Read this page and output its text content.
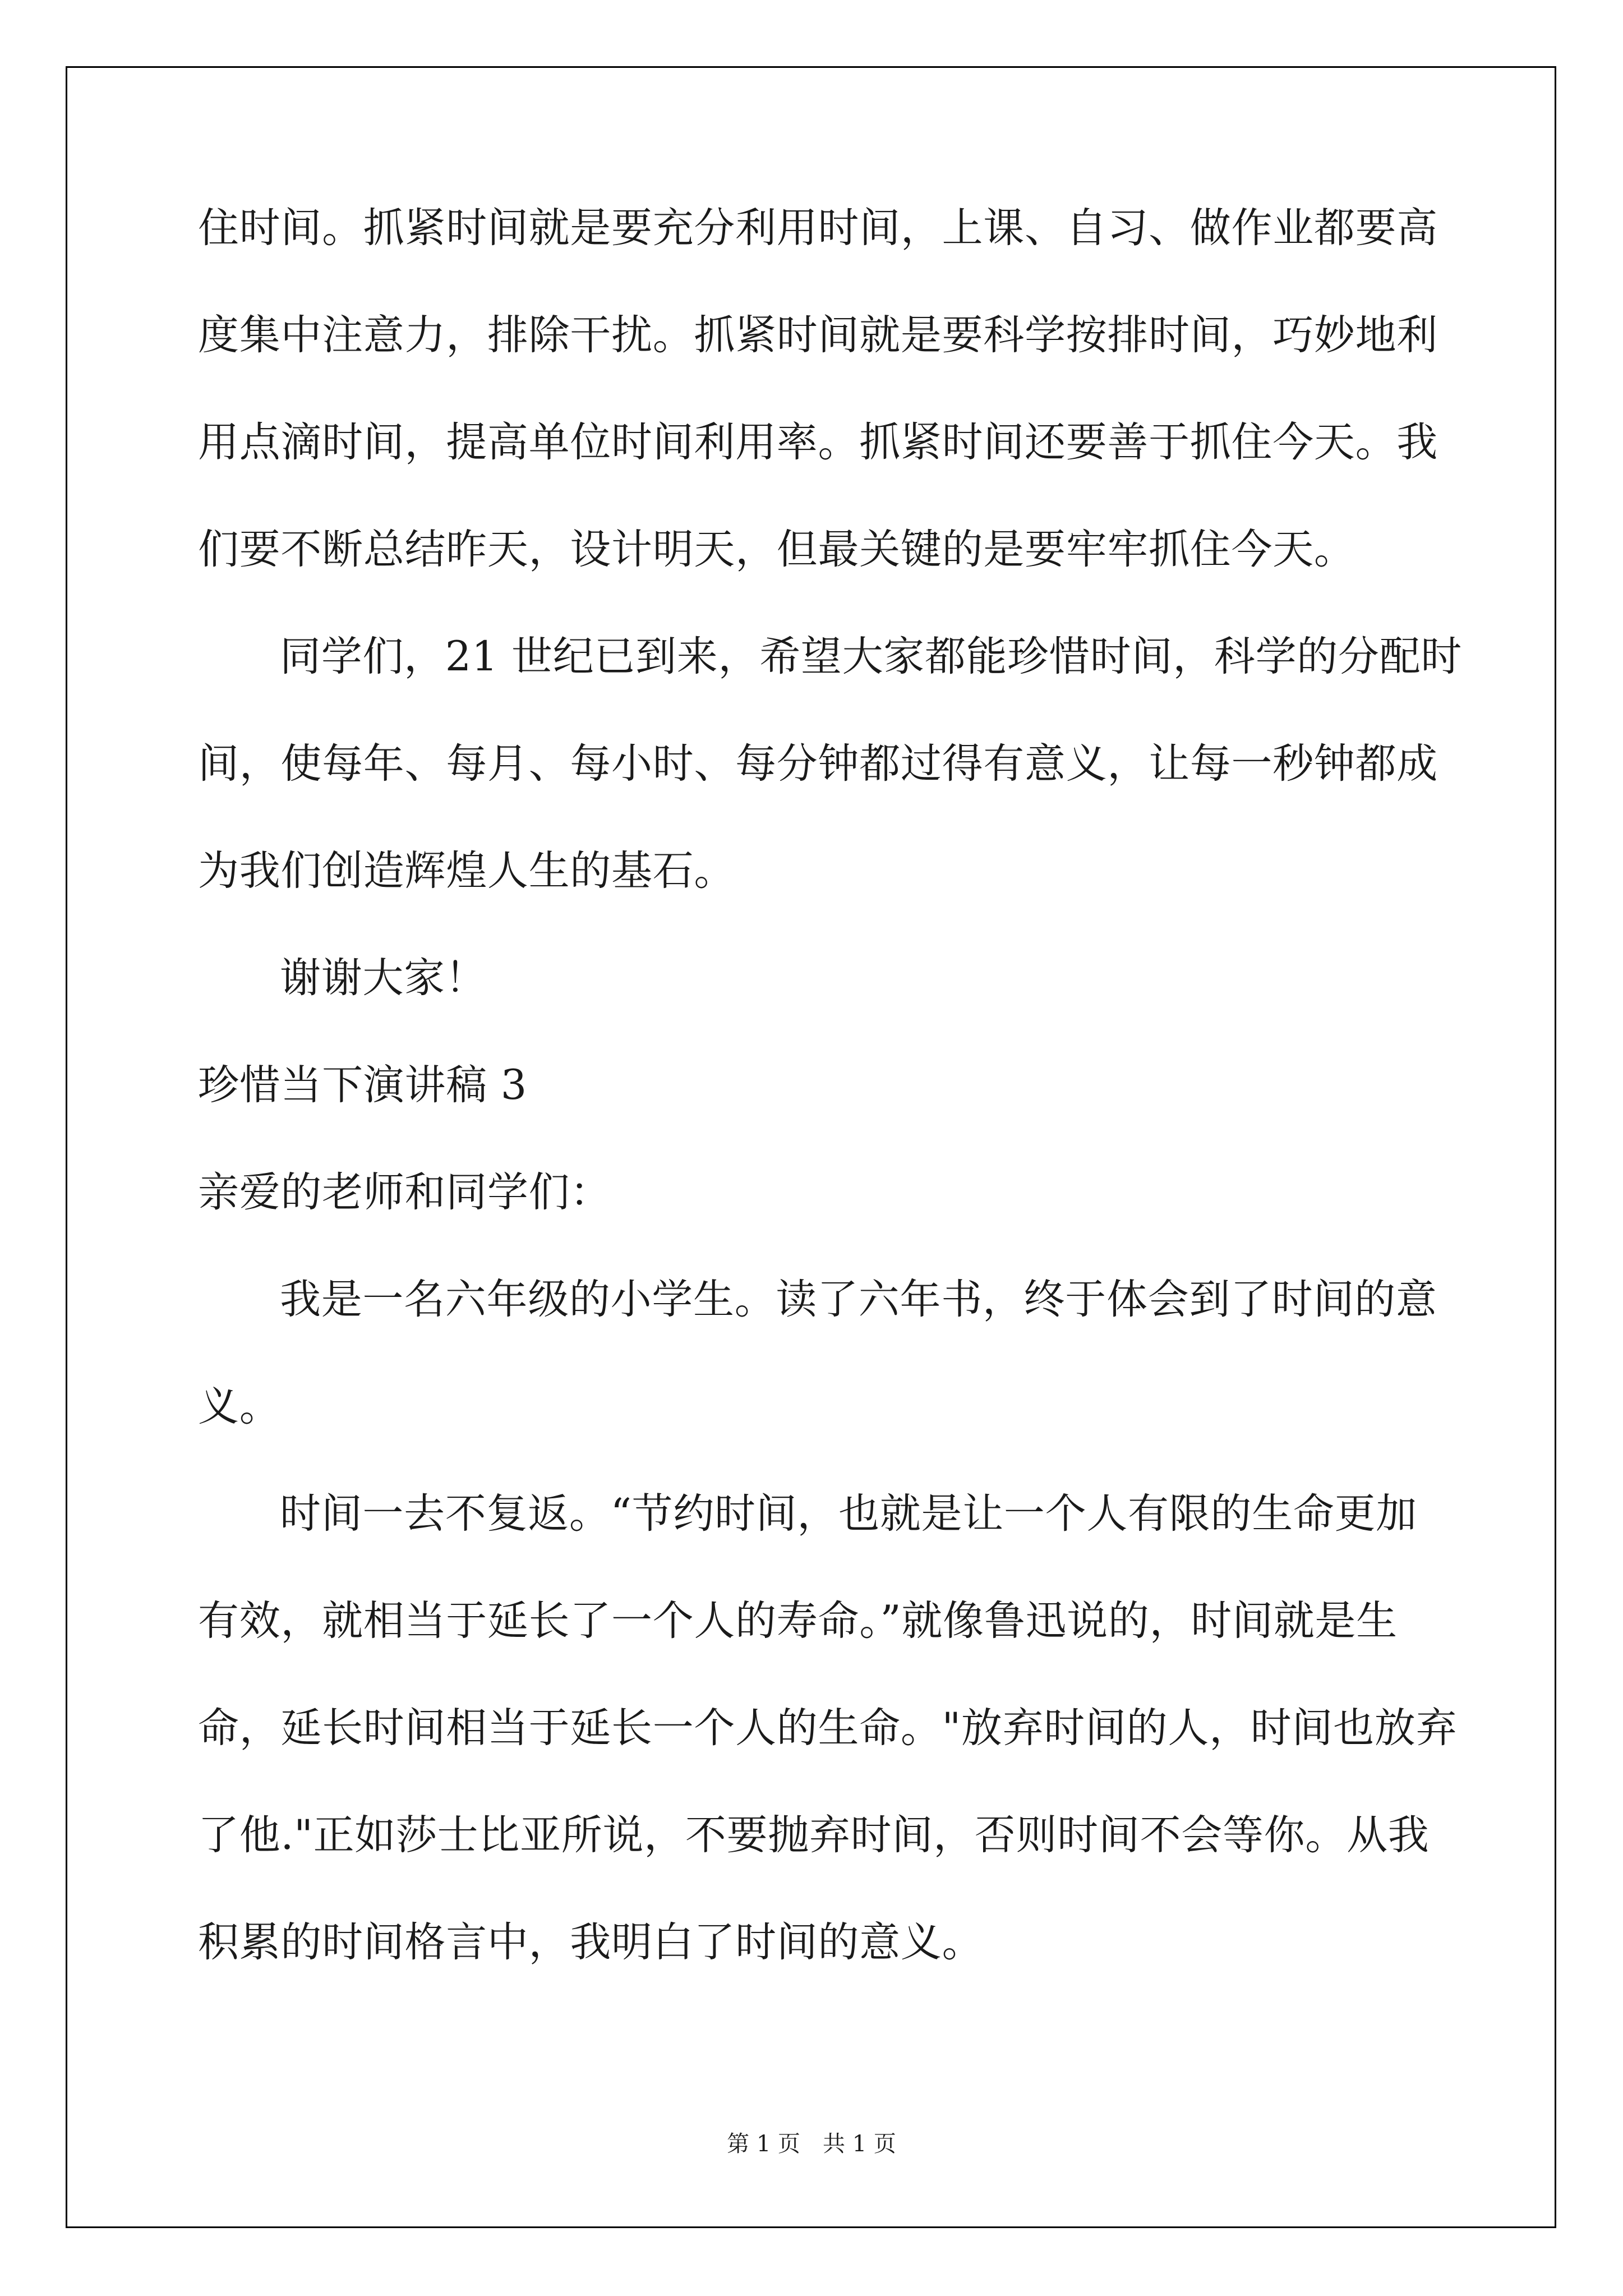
住时间。抓紧时间就是要充分利用时间，上课、自习、做作业都要高
度集中注意力，排除干扰。抓紧时间就是要科学按排时间，巧妙地利
用点滴时间，提高单位时间利用率。抓紧时间还要善于抓住今天。我
们要不断总结昨天，设计明天，但最关键的是要牢牢抓住今天。
同学们，21 世纪已到来，希望大家都能珍惜时间，科学的分配时
间，使每年、每月、每小时、每分钟都过得有意义，让每一秒钟都成
为我们创造辉煌人生的基石。
谢谢大家！
珍惜当下演讲稿 3
亲爱的老师和同学们：
我是一名六年级的小学生。读了六年书，终于体会到了时间的意
义。
时间一去不复返。“节约时间，也就是让一个人有限的生命更加
有效，就相当于延长了一个人的寿命。”就像鲁迅说的，时间就是生
命，延长时间相当于延长一个人的生命。"放弃时间的人，时间也放弃
了他."正如莎士比亚所说，不要抛弃时间，否则时间不会等你。从我
积累的时间格言中，我明白了时间的意义。
第 1 页　共 1 页
